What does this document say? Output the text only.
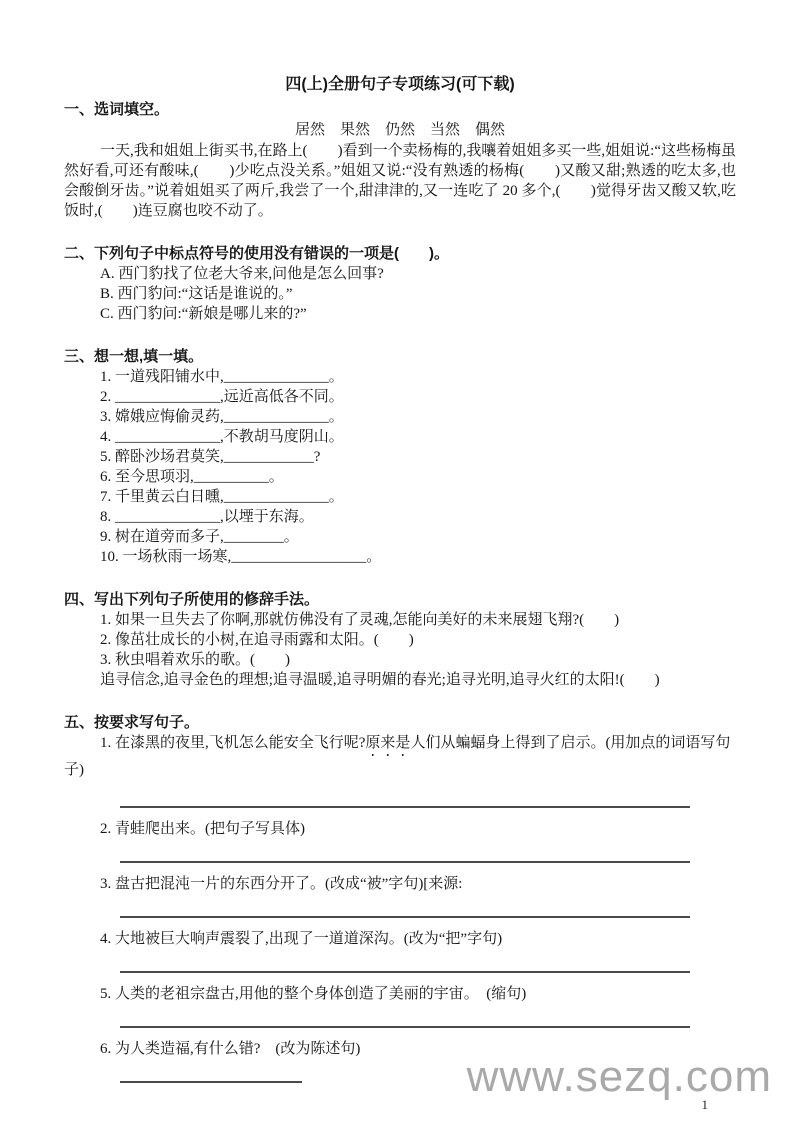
四(上)全册句子专项练习(可下载)
一、选词填空。
居然　果然　仍然　当然　偶然

一天,我和姐姐上街买书,在路上(　　)看到一个卖杨梅的,我嚷着姐姐多买一些,姐姐说:“这些杨梅虽然好看,可还有酸味,(　　)少吃点没关系。”姐姐又说:“没有熟透的杨梅(　　)又酸又甜;熟透的吃太多,也会酸倒牙齿。”说着姐姐买了两斤,我尝了一个,甜津津的,又一连吃了 20 多个,(　　)觉得牙齿又酸又软,吃饭时,(　　)连豆腐也咬不动了。

二、下列句子中标点符号的使用没有错误的一项是(　　)。

A. 西门豹找了位老大爷来,问他是怎么回事?

B. 西门豹问:“这话是谁说的。”

C. 西门豹问:“新娘是哪儿来的?”

三、想一想,填一填。

1. 一道残阳铺水中,______________。

2. ______________,远近高低各不同。

3. 嫦娥应悔偷灵药,______________。

4. ______________,不教胡马度阴山。

5. 醉卧沙场君莫笑,____________?

6. 至今思项羽,__________。

7. 千里黄云白日曛,______________。

8. ______________,以堙于东海。

9. 树在道旁而多子,________。

10. 一场秋雨一场寒,__________________。

四、写出下列句子所使用的修辞手法。

1. 如果一旦失去了你啊,那就仿佛没有了灵魂,怎能向美好的未来展翅飞翔?(　　)

2. 像茁壮成长的小树,在追寻雨露和太阳。(　　)

3. 秋虫唱着欢乐的歌。(　　)

追寻信念,追寻金色的理想;追寻温暖,追寻明媚的春光;追寻光明,追寻火红的太阳!(　　)

五、按要求写句子。

1. 在漆黑的夜里,飞机怎么能安全飞行呢?原来是人们从蝙蝠身上得到了启示。(用加点的词语写句子)

2. 青蛙爬出来。(把句子写具体)

3. 盘古把混沌一片的东西分开了。(改成“被”字句)[来源:

4. 大地被巨大响声震裂了,出现了一道道深沟。(改为“把”字句)

5. 人类的老祖宗盘古,用他的整个身体创造了美丽的宇宙。　(缩句)

6. 为人类造福,有什么错?　(改为陈述句)

www.sezq.com
1
